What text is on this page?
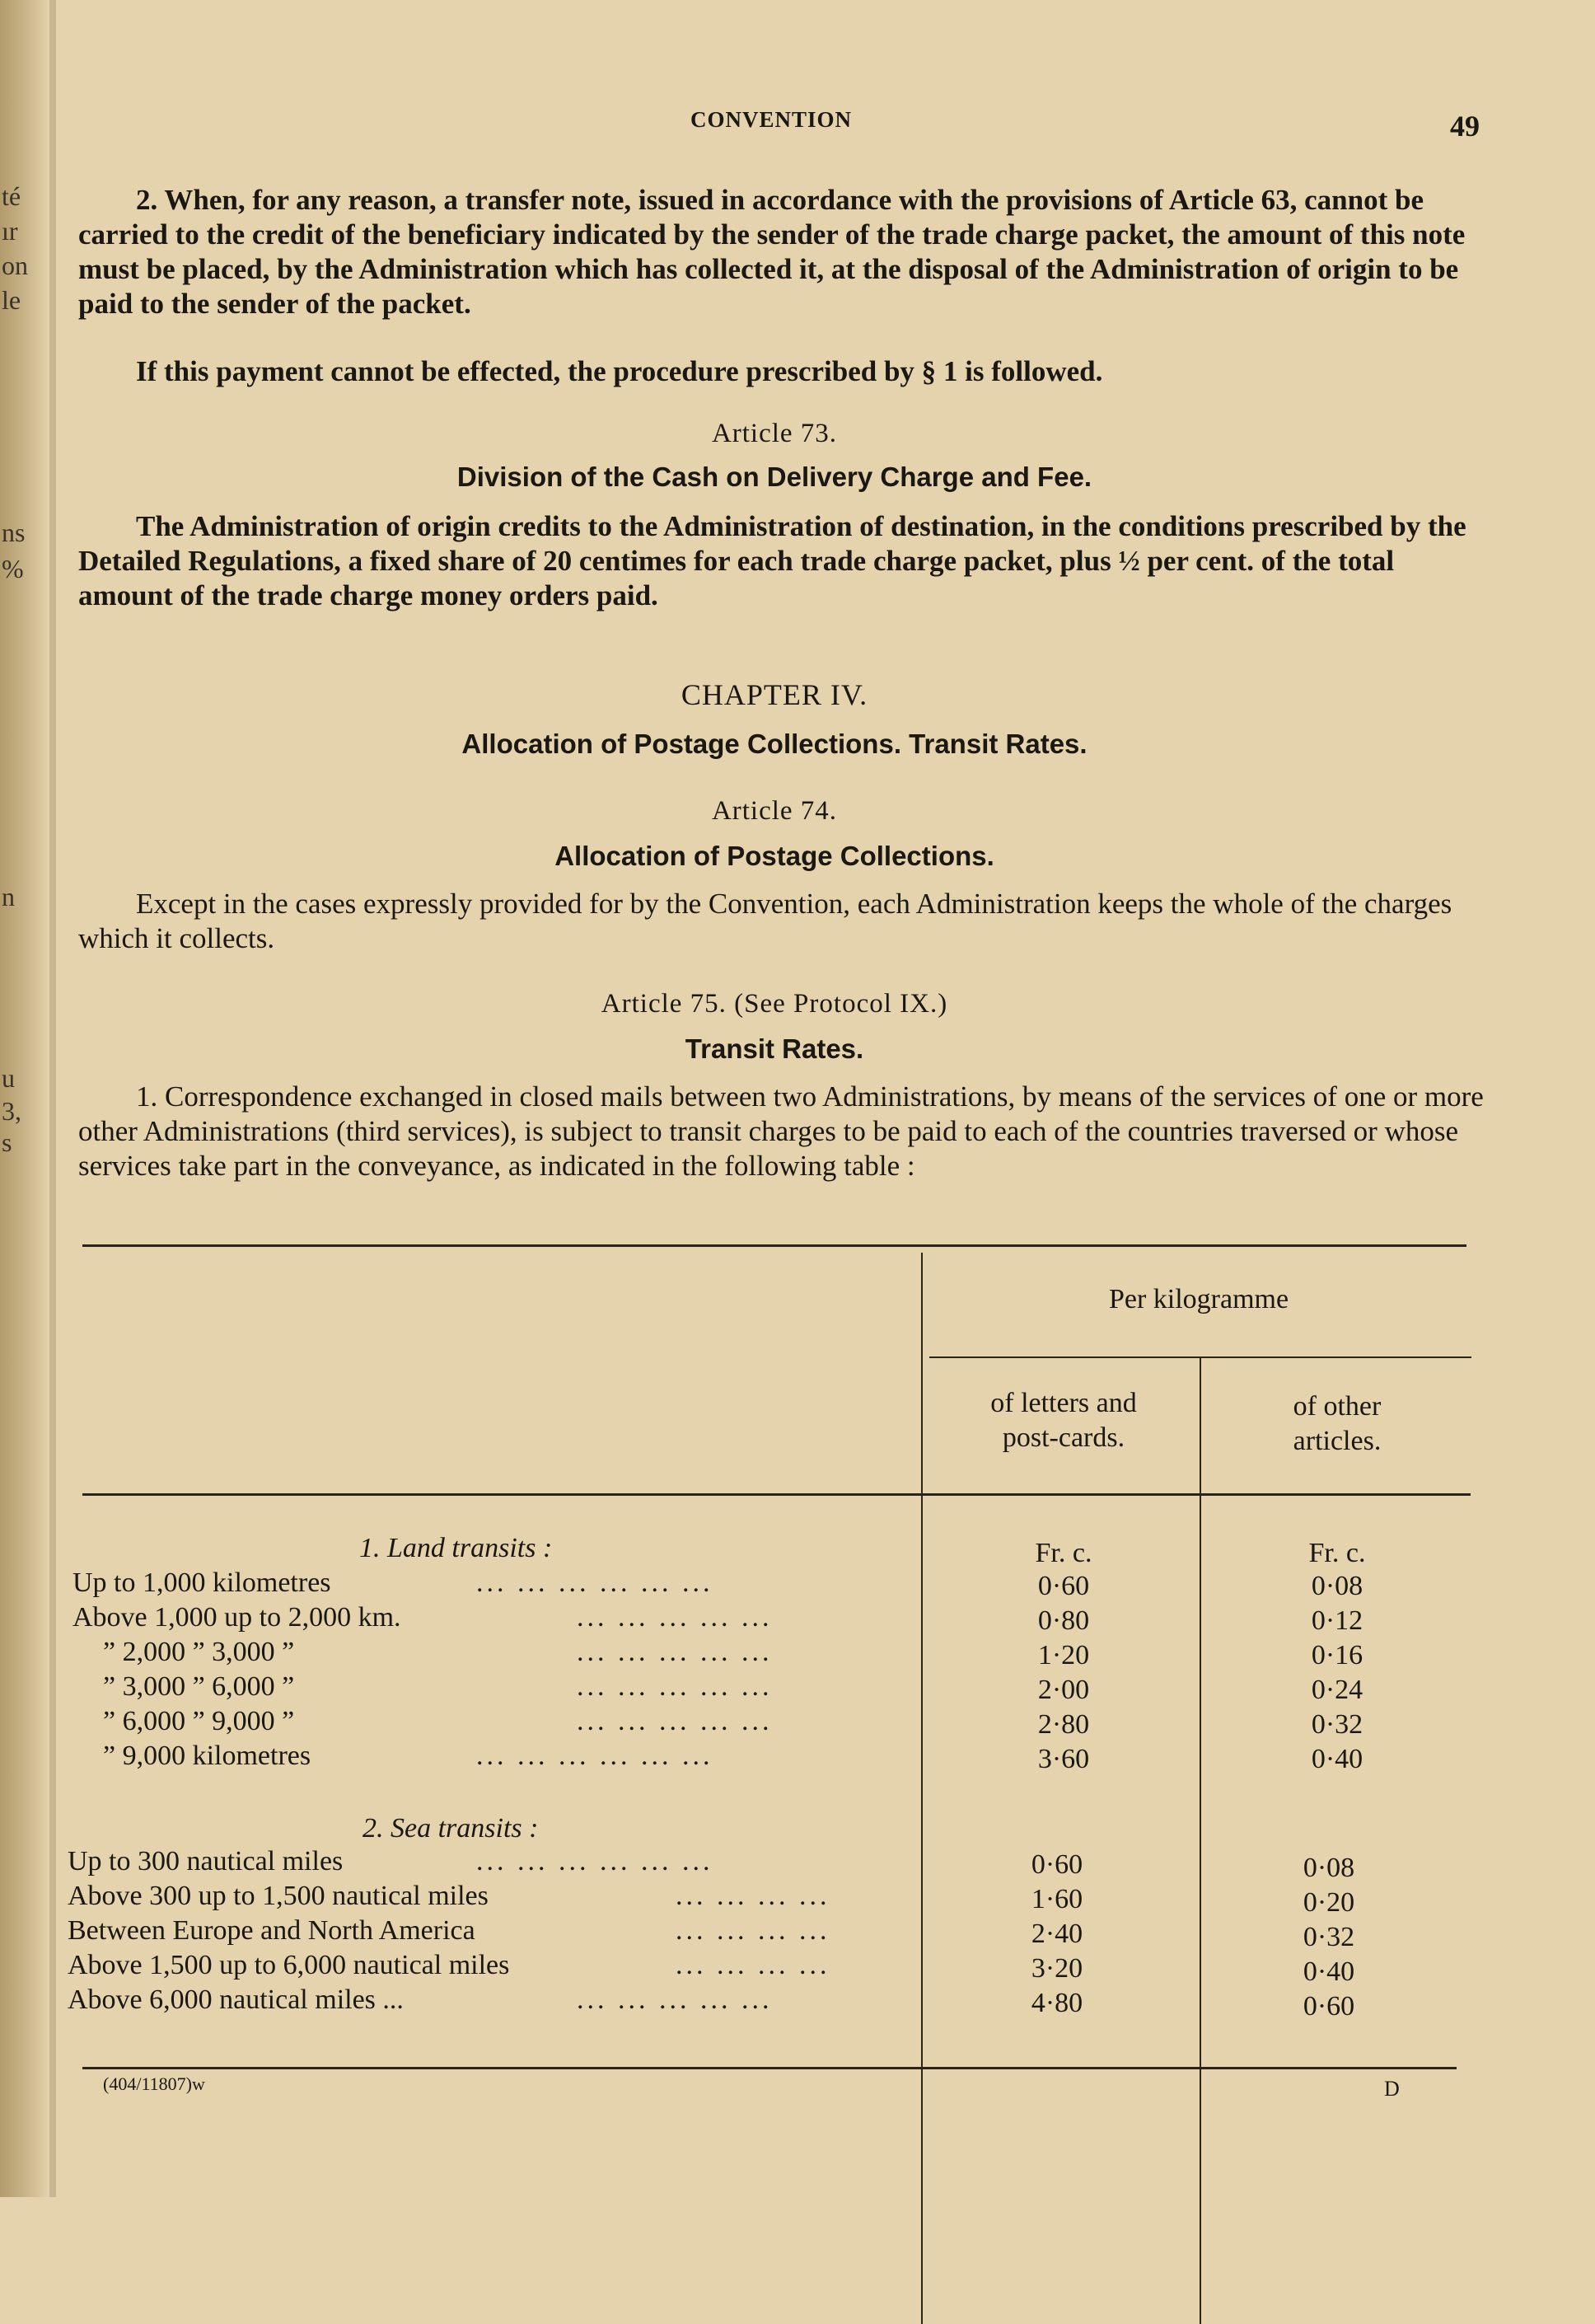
té
ır
on
le
ns
%
n
u
3,
s
CONVENTION	49
2. When, for any reason, a transfer note, issued in accordance with the provisions of Article 63, cannot be carried to the credit of the beneficiary indicated by the sender of the trade charge packet, the amount of this note must be placed, by the Administration which has collected it, at the disposal of the Administration of origin to be paid to the sender of the packet.
If this payment cannot be effected, the procedure prescribed by § 1 is followed.
Article 73.
Division of the Cash on Delivery Charge and Fee.
The Administration of origin credits to the Administration of destination, in the conditions prescribed by the Detailed Regulations, a fixed share of 20 centimes for each trade charge packet, plus ½ per cent. of the total amount of the trade charge money orders paid.
CHAPTER IV.
Allocation of Postage Collections. Transit Rates.
Article 74.
Allocation of Postage Collections.
Except in the cases expressly provided for by the Convention, each Administration keeps the whole of the charges which it collects.
Article 75. (See Protocol IX.)
Transit Rates.
1. Correspondence exchanged in closed mails between two Administrations, by means of the services of one or more other Administrations (third services), is subject to transit charges to be paid to each of the countries traversed or whose services take part in the conveyance, as indicated in the following table :
Per kilogramme
of letters and
post-cards.
of other
articles.
1. Land transits :	Fr. c.	Fr. c.
Up to 1,000 kilometres	... ... ... ... ... ...	0·60	0·08
Above 1,000 up to 2,000 km.	... ... ... ... ...	0·80	0·12
” 2,000 ” 3,000 ”	... ... ... ... ...	1·20	0·16
” 3,000 ” 6,000 ”	... ... ... ... ...	2·00	0·24
” 6,000 ” 9,000 ”	... ... ... ... ...	2·80	0·32
” 9,000 kilometres	... ... ... ... ... ...	3·60	0·40
2. Sea transits :
Up to 300 nautical miles	... ... ... ... ... ...	0·60	0·08
Above 300 up to 1,500 nautical miles	... ... ... ...	1·60	0·20
Between Europe and North America	... ... ... ...	2·40	0·32
Above 1,500 up to 6,000 nautical miles	... ... ... ...	3·20	0·40
Above 6,000 nautical miles ...	... ... ... ... ...	4·80	0·60
(404/11807)w	D
